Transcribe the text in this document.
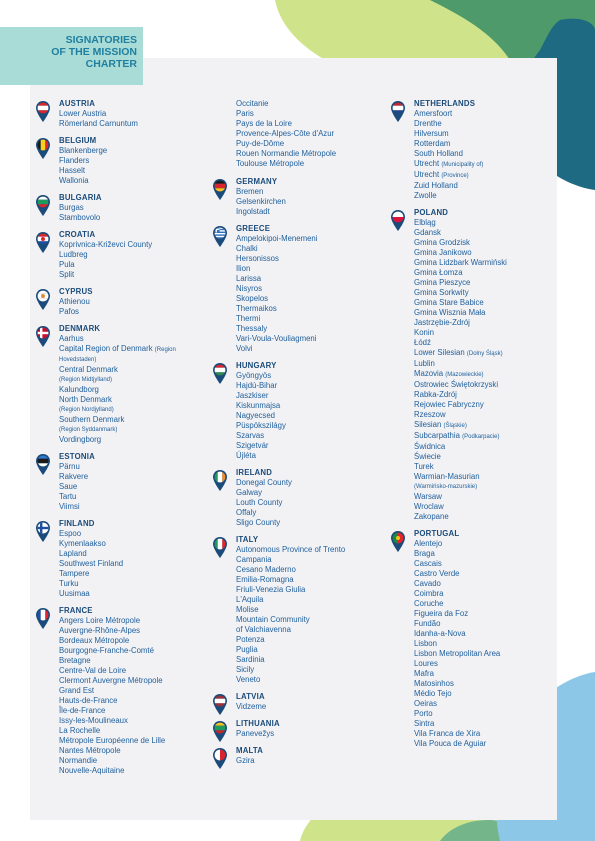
SIGNATORIES
OF THE MISSION
CHARTER
AUSTRIA
Lower Austria
Römerland Carnuntum
BELGIUM
Blankenberge
Flanders
Hasselt
Wallonia
BULGARIA
Burgas
Stambovolo
CROATIA
Koprivnica-Križevci County
Ludbreg
Pula
Split
CYPRUS
Athienou
Pafos
DENMARK
Aarhus
Capital Region of Denmark (Region
Hovedstaden)
Central Denmark
(Region Midtjylland)
Kalundborg
North Denmark
(Region Nordjylland)
Southern Denmark
(Region Syddanmark)
Vordingborg
ESTONIA
Pärnu
Rakvere
Saue
Tartu
Viimsi
FINLAND
Espoo
Kymenlaakso
Lapland
Southwest Finland
Tampere
Turku
Uusimaa
FRANCE
Angers Loire Métropole
Auvergne-Rhône-Alpes
Bordeaux Métropole
Bourgogne-Franche-Comté
Bretagne
Centre-Val de Loire
Clermont Auvergne Métropole
Grand Est
Hauts-de-France
Île-de-France
Issy-les-Moulineaux
La Rochelle
Métropole Européenne de Lille
Nantes Métropole
Normandie
Nouvelle-Aquitaine
Occitanie
Paris
Pays de la Loire
Provence-Alpes-Côte d'Azur
Puy-de-Dôme
Rouen Normandie Métropole
Toulouse Métropole
GERMANY
Bremen
Gelsenkirchen
Ingolstadt
GREECE
Ampelokipoi-Menemeni
Chalki
Hersonissos
Ilion
Larissa
Nisyros
Skopelos
Thermaikos
Thermi
Thessaly
Vari-Voula-Vouliagmeni
Volvi
HUNGARY
Gyöngyös
Hajdú-Bihar
Jaszkiser
Kiskunmajsa
Nagyecsed
Püspökszilágy
Szarvas
Szigetvár
Újléta
IRELAND
Donegal County
Galway
Louth County
Offaly
Sligo County
ITALY
Autonomous Province of Trento
Campania
Cesano Maderno
Emilia-Romagna
Friuli-Venezia Giulia
L'Aquila
Molise
Mountain Community
of Valchiavenna
Potenza
Puglia
Sardinia
Sicily
Veneto
LATVIA
Vidzeme
LITHUANIA
Panevežys
MALTA
Gzira
NETHERLANDS
Amersfoort
Drenthe
Hilversum
Rotterdam
South Holland
Utrecht (Municipality of)
Utrecht (Province)
Zuid Holland
Zwolle
POLAND
Elbląg
Gdansk
Gmina Grodzisk
Gmina Janikowo
Gmina Lidzbark Warmiński
Gmina Łomza
Gmina Pieszyce
Gmina Sorkwity
Gmina Stare Babice
Gmina Wisznia Mała
Jastrzębie-Zdrój
Konin
Łódź
Lower Silesian (Dolny Śląsk)
Lublin
Mazovia (Mazowieckie)
Ostrowiec Świętokrzyski
Rabka-Zdrój
Rejowiec Fabryczny
Rzeszow
Silesian (Śląskie)
Subcarpathia (Podkarpacie)
Świdnica
Świecie
Turek
Warmian-Masurian
(Warmińsko-mazurskie)
Warsaw
Wroclaw
Zakopane
PORTUGAL
Alentejo
Braga
Cascais
Castro Verde
Cavado
Coimbra
Coruche
Figueira da Foz
Fundão
Idanha-a-Nova
Lisbon
Lisbon Metropolitan Area
Loures
Mafra
Matosinhos
Médio Tejo
Oeiras
Porto
Sintra
Vila Franca de Xira
Vila Pouca de Aguiar
